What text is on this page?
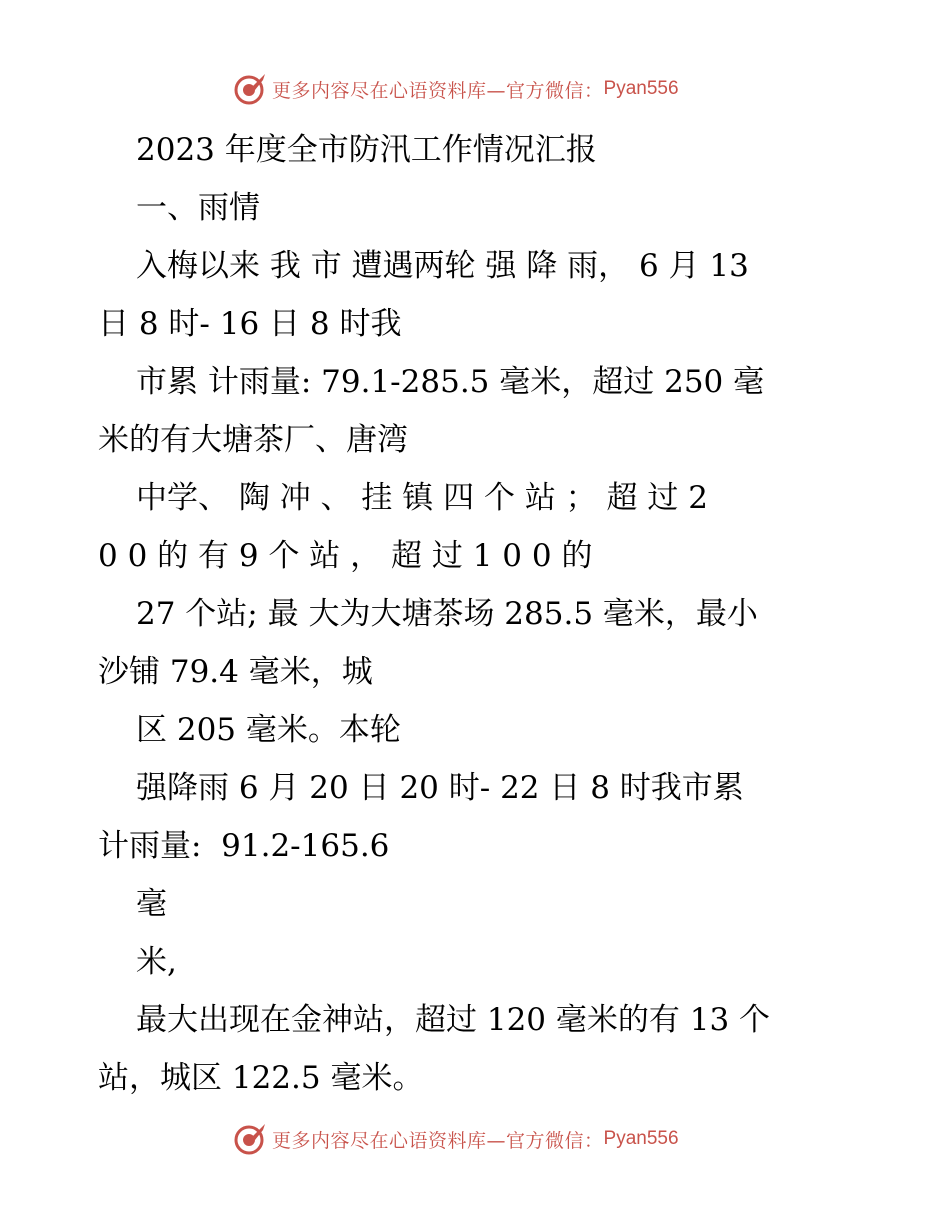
更多内容尽在心语资料库—官方微信： Pyan556
2023 年度全市防汛工作情况汇报
一、雨情
入梅以来 我 市 遭遇两轮 强 降 雨， 6 月 13
日 8 时- 16 日 8 时我
市累 计雨量: 79.1-285.5 毫米，超过 250 毫
米的有大塘茶厂、唐湾
中学、 陶 冲 、 挂 镇 四 个 站 ； 超 过 2
0 0 的 有 9 个 站 ， 超 过 1 0 0 的
27 个站; 最 大为大塘茶场 285.5 毫米，最小
沙铺 79.4 毫米，城
区 205 毫米。本轮
强降雨 6 月 20 日 20 时- 22 日 8 时我市累
计雨量:  91.2-165.6
毫
米,
最大出现在金神站，超过 120 毫米的有 13 个
站，城区 122.5 毫米。
更多内容尽在心语资料库—官方微信： Pyan556
